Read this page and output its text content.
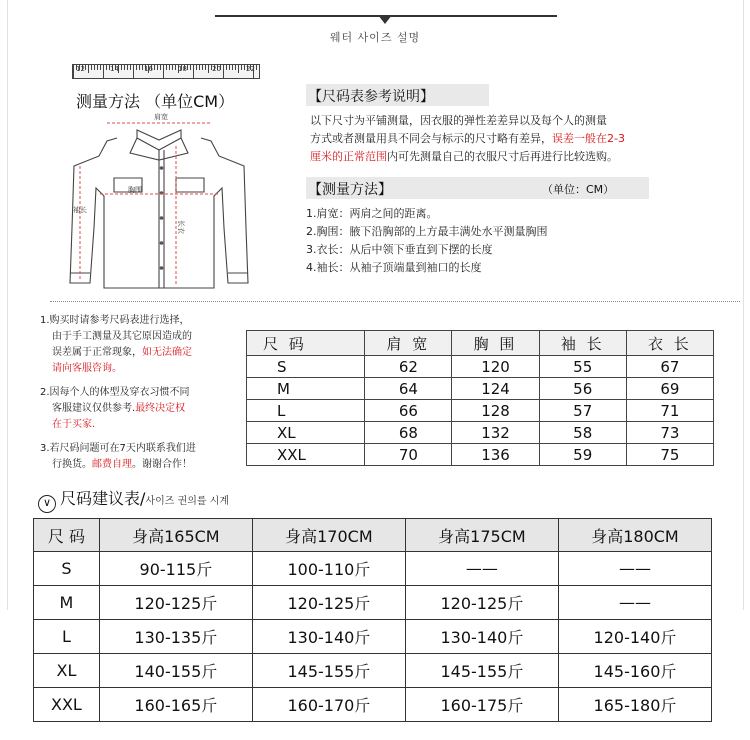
웨터 사이즈 설명
12	14	16	18	20	22
测量方法 （单位CM）
肩宽
胸围
袖长
长衣
【尺码表参考说明】
以下尺寸为平铺测量，因衣服的弹性差差异以及每个人的测量
方式或者测量用具不同会与标示的尺寸略有差异，误差一般在2-3
厘米的正常范围内可先测量自己的衣服尺寸后再进行比较选购。
【测量方法】	（单位：CM）
1.肩宽：两肩之间的距离。
2.胸围：腋下沿胸部的上方最丰满处水平测量胸围
3.衣长：从后中领下垂直到下摆的长度
4.袖长：从袖子顶端量到袖口的长度
1.购买时请参考尺码表进行选择，
由于手工测量及其它原因造成的
误差属于正常现象，如无法确定
请向客服咨询。
2.因每个人的体型及穿衣习惯不同
客服建议仅供参考.最终决定权
在于买家.
3.若尺码问题可在7天内联系我们进
行换货。邮费自理。谢谢合作！
尺 码	肩 宽	胸 围	袖 长	衣 长
S	62	120	55	67
M	64	124	56	69
L	66	128	57	71
XL	68	132	58	73
XXL	70	136	59	75
∨ 尺码建议表/사이즈 권의를 시계
尺 码	身高165CM	身高170CM	身高175CM	身高180CM
S	90-115斤	100-110斤	——	——
M	120-125斤	120-125斤	120-125斤	——
L	130-135斤	130-140斤	130-140斤	120-140斤
XL	140-155斤	145-155斤	145-155斤	145-160斤
XXL	160-165斤	160-170斤	160-175斤	165-180斤
